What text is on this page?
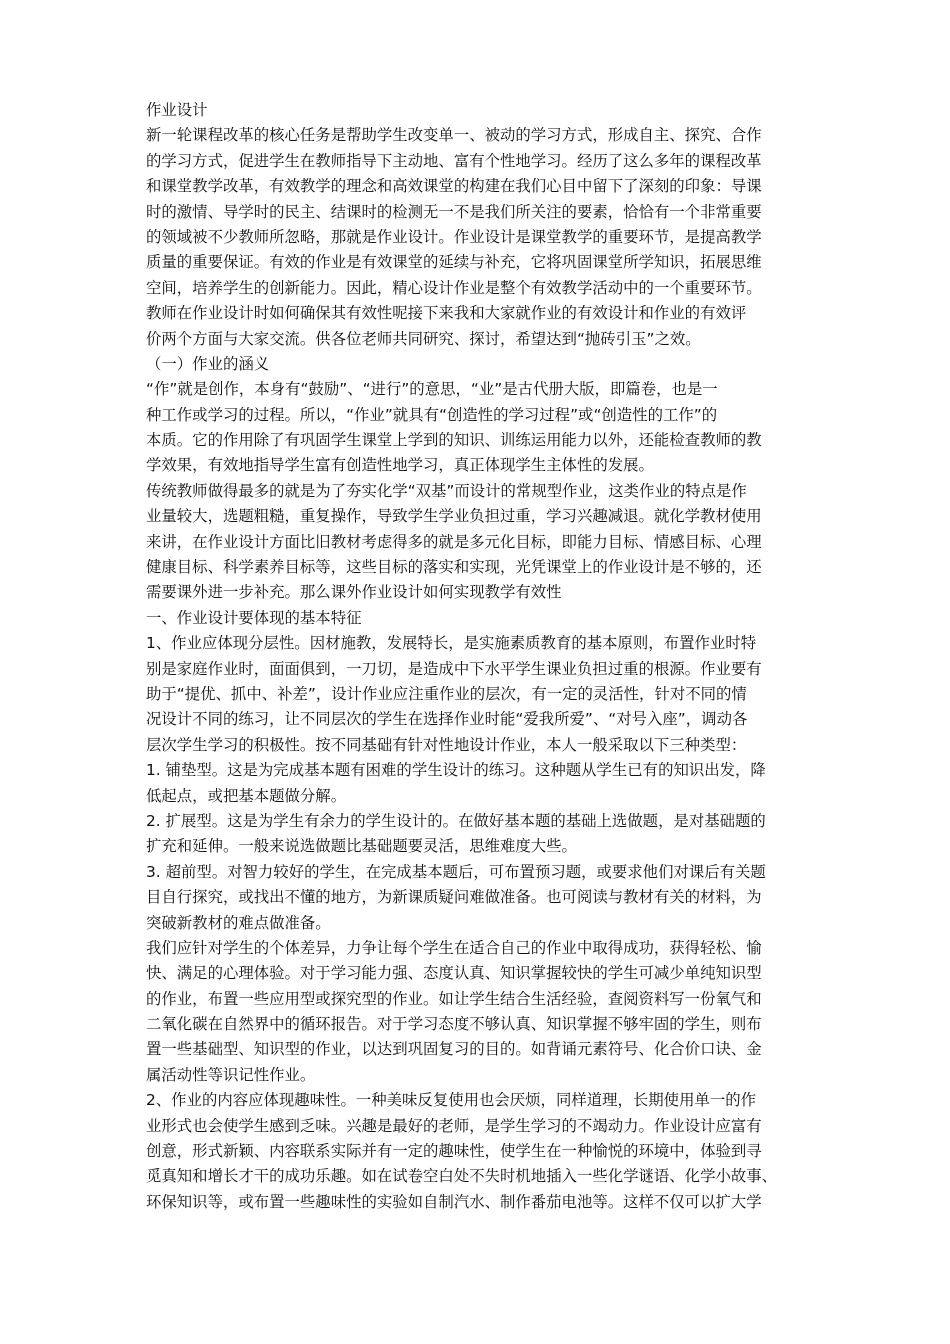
作业设计
新一轮课程改革的核心任务是帮助学生改变单一、被动的学习方式，形成自主、探究、合作
的学习方式，促进学生在教师指导下主动地、富有个性地学习。经历了这么多年的课程改革
和课堂教学改革，有效教学的理念和高效课堂的构建在我们心目中留下了深刻的印象：导课
时的激情、导学时的民主、结课时的检测无一不是我们所关注的要素，恰恰有一个非常重要
的领域被不少教师所忽略，那就是作业设计。作业设计是课堂教学的重要环节，是提高教学
质量的重要保证。有效的作业是有效课堂的延续与补充，它将巩固课堂所学知识，拓展思维
空间，培养学生的创新能力。因此，精心设计作业是整个有效教学活动中的一个重要环节。
教师在作业设计时如何确保其有效性呢接下来我和大家就作业的有效设计和作业的有效评
价两个方面与大家交流。供各位老师共同研究、探讨，希望达到“抛砖引玉”之效。
（一）作业的涵义
“作”就是创作，本身有“鼓励”、“进行”的意思，“业”是古代册大版，即篇卷，也是一
种工作或学习的过程。所以，“作业”就具有“创造性的学习过程”或“创造性的工作”的
本质。它的作用除了有巩固学生课堂上学到的知识、训练运用能力以外，还能检查教师的教
学效果，有效地指导学生富有创造性地学习，真正体现学生主体性的发展。
传统教师做得最多的就是为了夯实化学“双基”而设计的常规型作业，这类作业的特点是作
业量较大，选题粗糙，重复操作，导致学生学业负担过重，学习兴趣减退。就化学教材使用
来讲，在作业设计方面比旧教材考虑得多的就是多元化目标，即能力目标、情感目标、心理
健康目标、科学素养目标等，这些目标的落实和实现，光凭课堂上的作业设计是不够的，还
需要课外进一步补充。那么课外作业设计如何实现教学有效性
一、作业设计要体现的基本特征
1、作业应体现分层性。因材施教，发展特长，是实施素质教育的基本原则，布置作业时特
别是家庭作业时，面面俱到，一刀切，是造成中下水平学生课业负担过重的根源。作业要有
助于“提优、抓中、补差”，设计作业应注重作业的层次，有一定的灵活性，针对不同的情
况设计不同的练习，让不同层次的学生在选择作业时能“爱我所爱”、“对号入座”，调动各
层次学生学习的积极性。按不同基础有针对性地设计作业，本人一般采取以下三种类型：
1. 铺垫型。这是为完成基本题有困难的学生设计的练习。这种题从学生已有的知识出发，降
低起点，或把基本题做分解。
2. 扩展型。这是为学生有余力的学生设计的。在做好基本题的基础上选做题，是对基础题的
扩充和延伸。一般来说选做题比基础题要灵活，思维难度大些。
3. 超前型。对智力较好的学生，在完成基本题后，可布置预习题，或要求他们对课后有关题
目自行探究，或找出不懂的地方，为新课质疑问难做准备。也可阅读与教材有关的材料，为
突破新教材的难点做准备。
我们应针对学生的个体差异，力争让每个学生在适合自己的作业中取得成功，获得轻松、愉
快、满足的心理体验。对于学习能力强、态度认真、知识掌握较快的学生可减少单纯知识型
的作业，布置一些应用型或探究型的作业。如让学生结合生活经验，查阅资料写一份氧气和
二氧化碳在自然界中的循环报告。对于学习态度不够认真、知识掌握不够牢固的学生，则布
置一些基础型、知识型的作业，以达到巩固复习的目的。如背诵元素符号、化合价口诀、金
属活动性等识记性作业。
2、作业的内容应体现趣味性。一种美味反复使用也会厌烦，同样道理，长期使用单一的作
业形式也会使学生感到乏味。兴趣是最好的老师，是学生学习的不竭动力。作业设计应富有
创意，形式新颖、内容联系实际并有一定的趣味性，使学生在一种愉悦的环境中，体验到寻
觅真知和增长才干的成功乐趣。如在试卷空白处不失时机地插入一些化学谜语、化学小故事、
环保知识等，或布置一些趣味性的实验如自制汽水、制作番茄电池等。这样不仅可以扩大学
